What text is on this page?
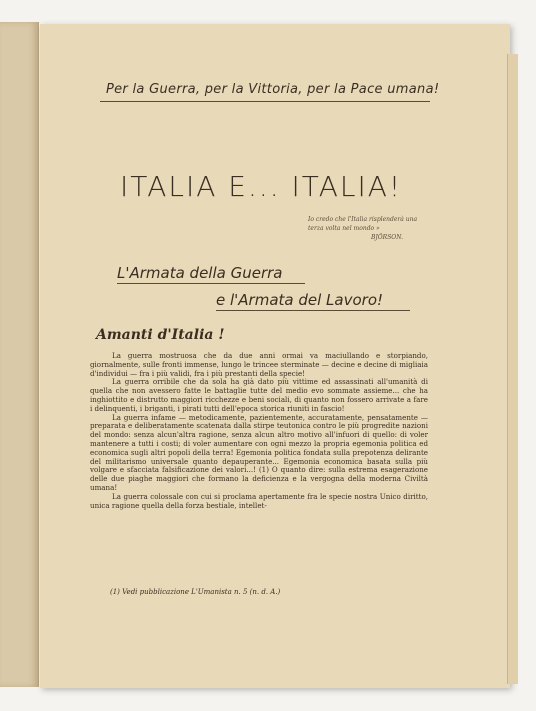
Per la Guerra, per la Vittoria, per la Pace umana!
ITALIA E... ITALIA!
Io credo che l'Italia risplenderà una terza volta nel mondo »
BJÖRSON.
L'Armata della Guerra
e l'Armata del Lavoro!
Amanti d'Italia !

La guerra mostruosa che da due anni ormai va maciullando e storpiando, giornalmente, sulle fronti immense, lungo le trincee sterminate — decine e decine di migliaia d'individui — fra i più validi, fra i più prestanti della specie!

La guerra orribile che da sola ha già dato più vittime ed assassinati all'umanità di quella che non avessero fatte le battaglie tutte del medio evo sommate assieme... che ha inghiottito e distrutto maggiori ricchezze e beni sociali, di quanto non fossero arrivate a fare i delinquenti, i briganti, i pirati tutti dell'epoca storica riuniti in fascio!

La guerra infame — metodicamente, pazientemente, accuratamente, pensatamente — preparata e deliberatamente scatenata dalla stirpe teutonica contro le più progredite nazioni del mondo: senza alcun'altra ragione, senza alcun altro motivo all'infuori di quello: di voler mantenere a tutti i costi; di voler aumentare con ogni mezzo la propria egemonia politica ed economica sugli altri popoli della terra! Egemonia politica fondata sulla prepotenza delirante del militarismo universale quanto depauperante... Egemonia economica basata sulla più volgare e sfacciata falsificazione dei valori...! (1) O quanto dire: sulla estrema esagerazione delle due piaghe maggiori che formano la deficienza e la vergogna della moderna Civiltà umana!

La guerra colossale con cui si proclama apertamente fra le specie nostra Unico diritto, unica ragione quella della forza bestiale, intellet-

(1) Vedi pubblicazione L'Umanista n. 5 (n. d. A.)
